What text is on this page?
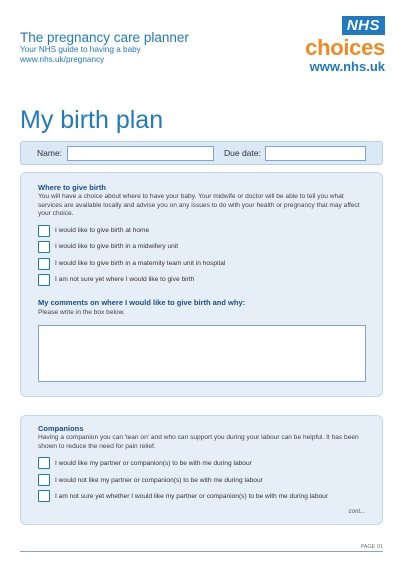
The pregnancy care planner
Your NHS guide to having a baby
www.nhs.uk/pregnancy
NHS
choices
www.nhs.uk
My birth plan
Name:	Due date:
Where to give birth
You will have a choice about where to have your baby. Your midwife or doctor will be able to tell you what services are available locally and advise you on any issues to do with your health or pregnancy that may affect your choice.
I would like to give birth at home
I would like to give birth in a midwifery unit
I would like to give birth in a maternity team unit in hospital
I am not sure yet where I would like to give birth
My comments on where I would like to give birth and why:
Please write in the box below.
Companions
Having a companion you can 'lean on' and who can support you during your labour can be helpful. It has been shown to reduce the need for pain relief.
I would like my partner or companion(s) to be with me during labour
I would not like my partner or companion(s) to be with me during labour
I am not sure yet whether I would like my partner or companion(s) to be with me during labour
cont...
PAGE 01
